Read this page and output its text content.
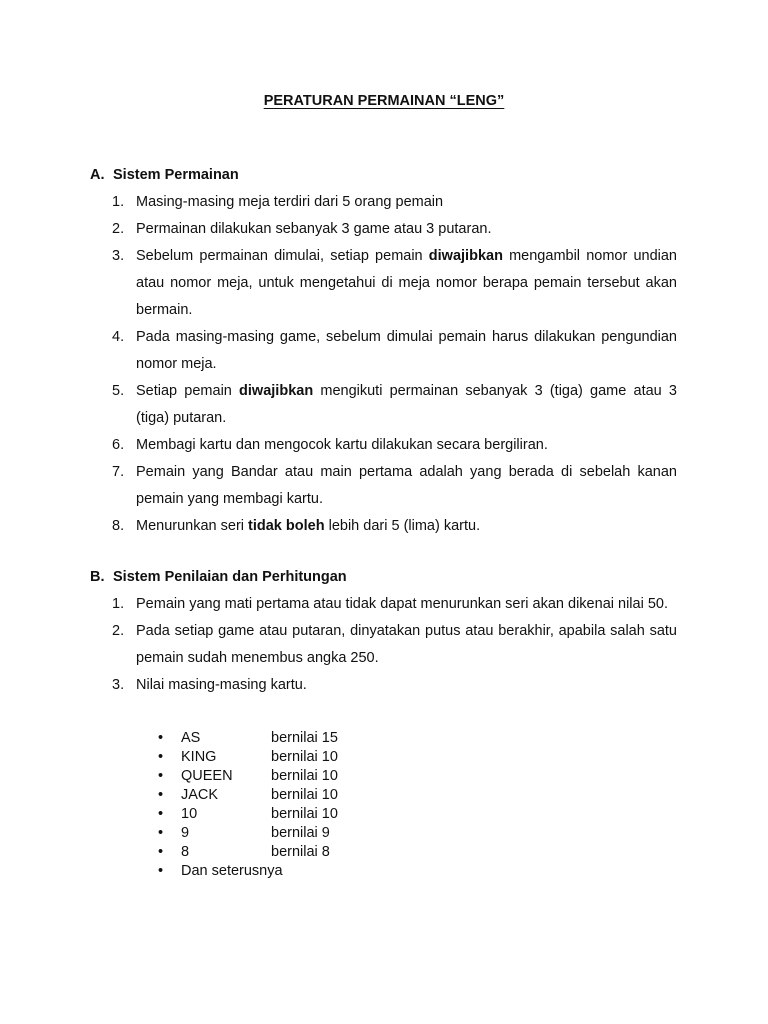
PERATURAN PERMAINAN “LENG”
A. Sistem Permainan
1. Masing-masing meja terdiri dari 5 orang pemain
2. Permainan dilakukan sebanyak 3 game atau 3 putaran.
3. Sebelum permainan dimulai, setiap pemain diwajibkan mengambil nomor undian atau nomor meja, untuk mengetahui di meja nomor berapa pemain tersebut akan bermain.
4. Pada masing-masing game, sebelum dimulai pemain harus dilakukan pengundian nomor meja.
5. Setiap pemain diwajibkan mengikuti permainan sebanyak 3 (tiga) game atau 3 (tiga) putaran.
6. Membagi kartu dan mengocok kartu dilakukan secara bergiliran.
7. Pemain yang Bandar atau main pertama adalah yang berada di sebelah kanan pemain yang membagi kartu.
8. Menurunkan seri tidak boleh lebih dari 5 (lima) kartu.
B. Sistem Penilaian dan Perhitungan
1. Pemain yang mati pertama atau tidak dapat menurunkan seri akan dikenai nilai 50.
2. Pada setiap game atau putaran, dinyatakan putus atau berakhir, apabila salah satu pemain sudah menembus angka 250.
3. Nilai masing-masing kartu.
• AS	bernilai 15
• KING	bernilai 10
• QUEEN	bernilai 10
• JACK	bernilai 10
• 10	bernilai 10
• 9	bernilai 9
• 8	bernilai 8
• Dan seterusnya
